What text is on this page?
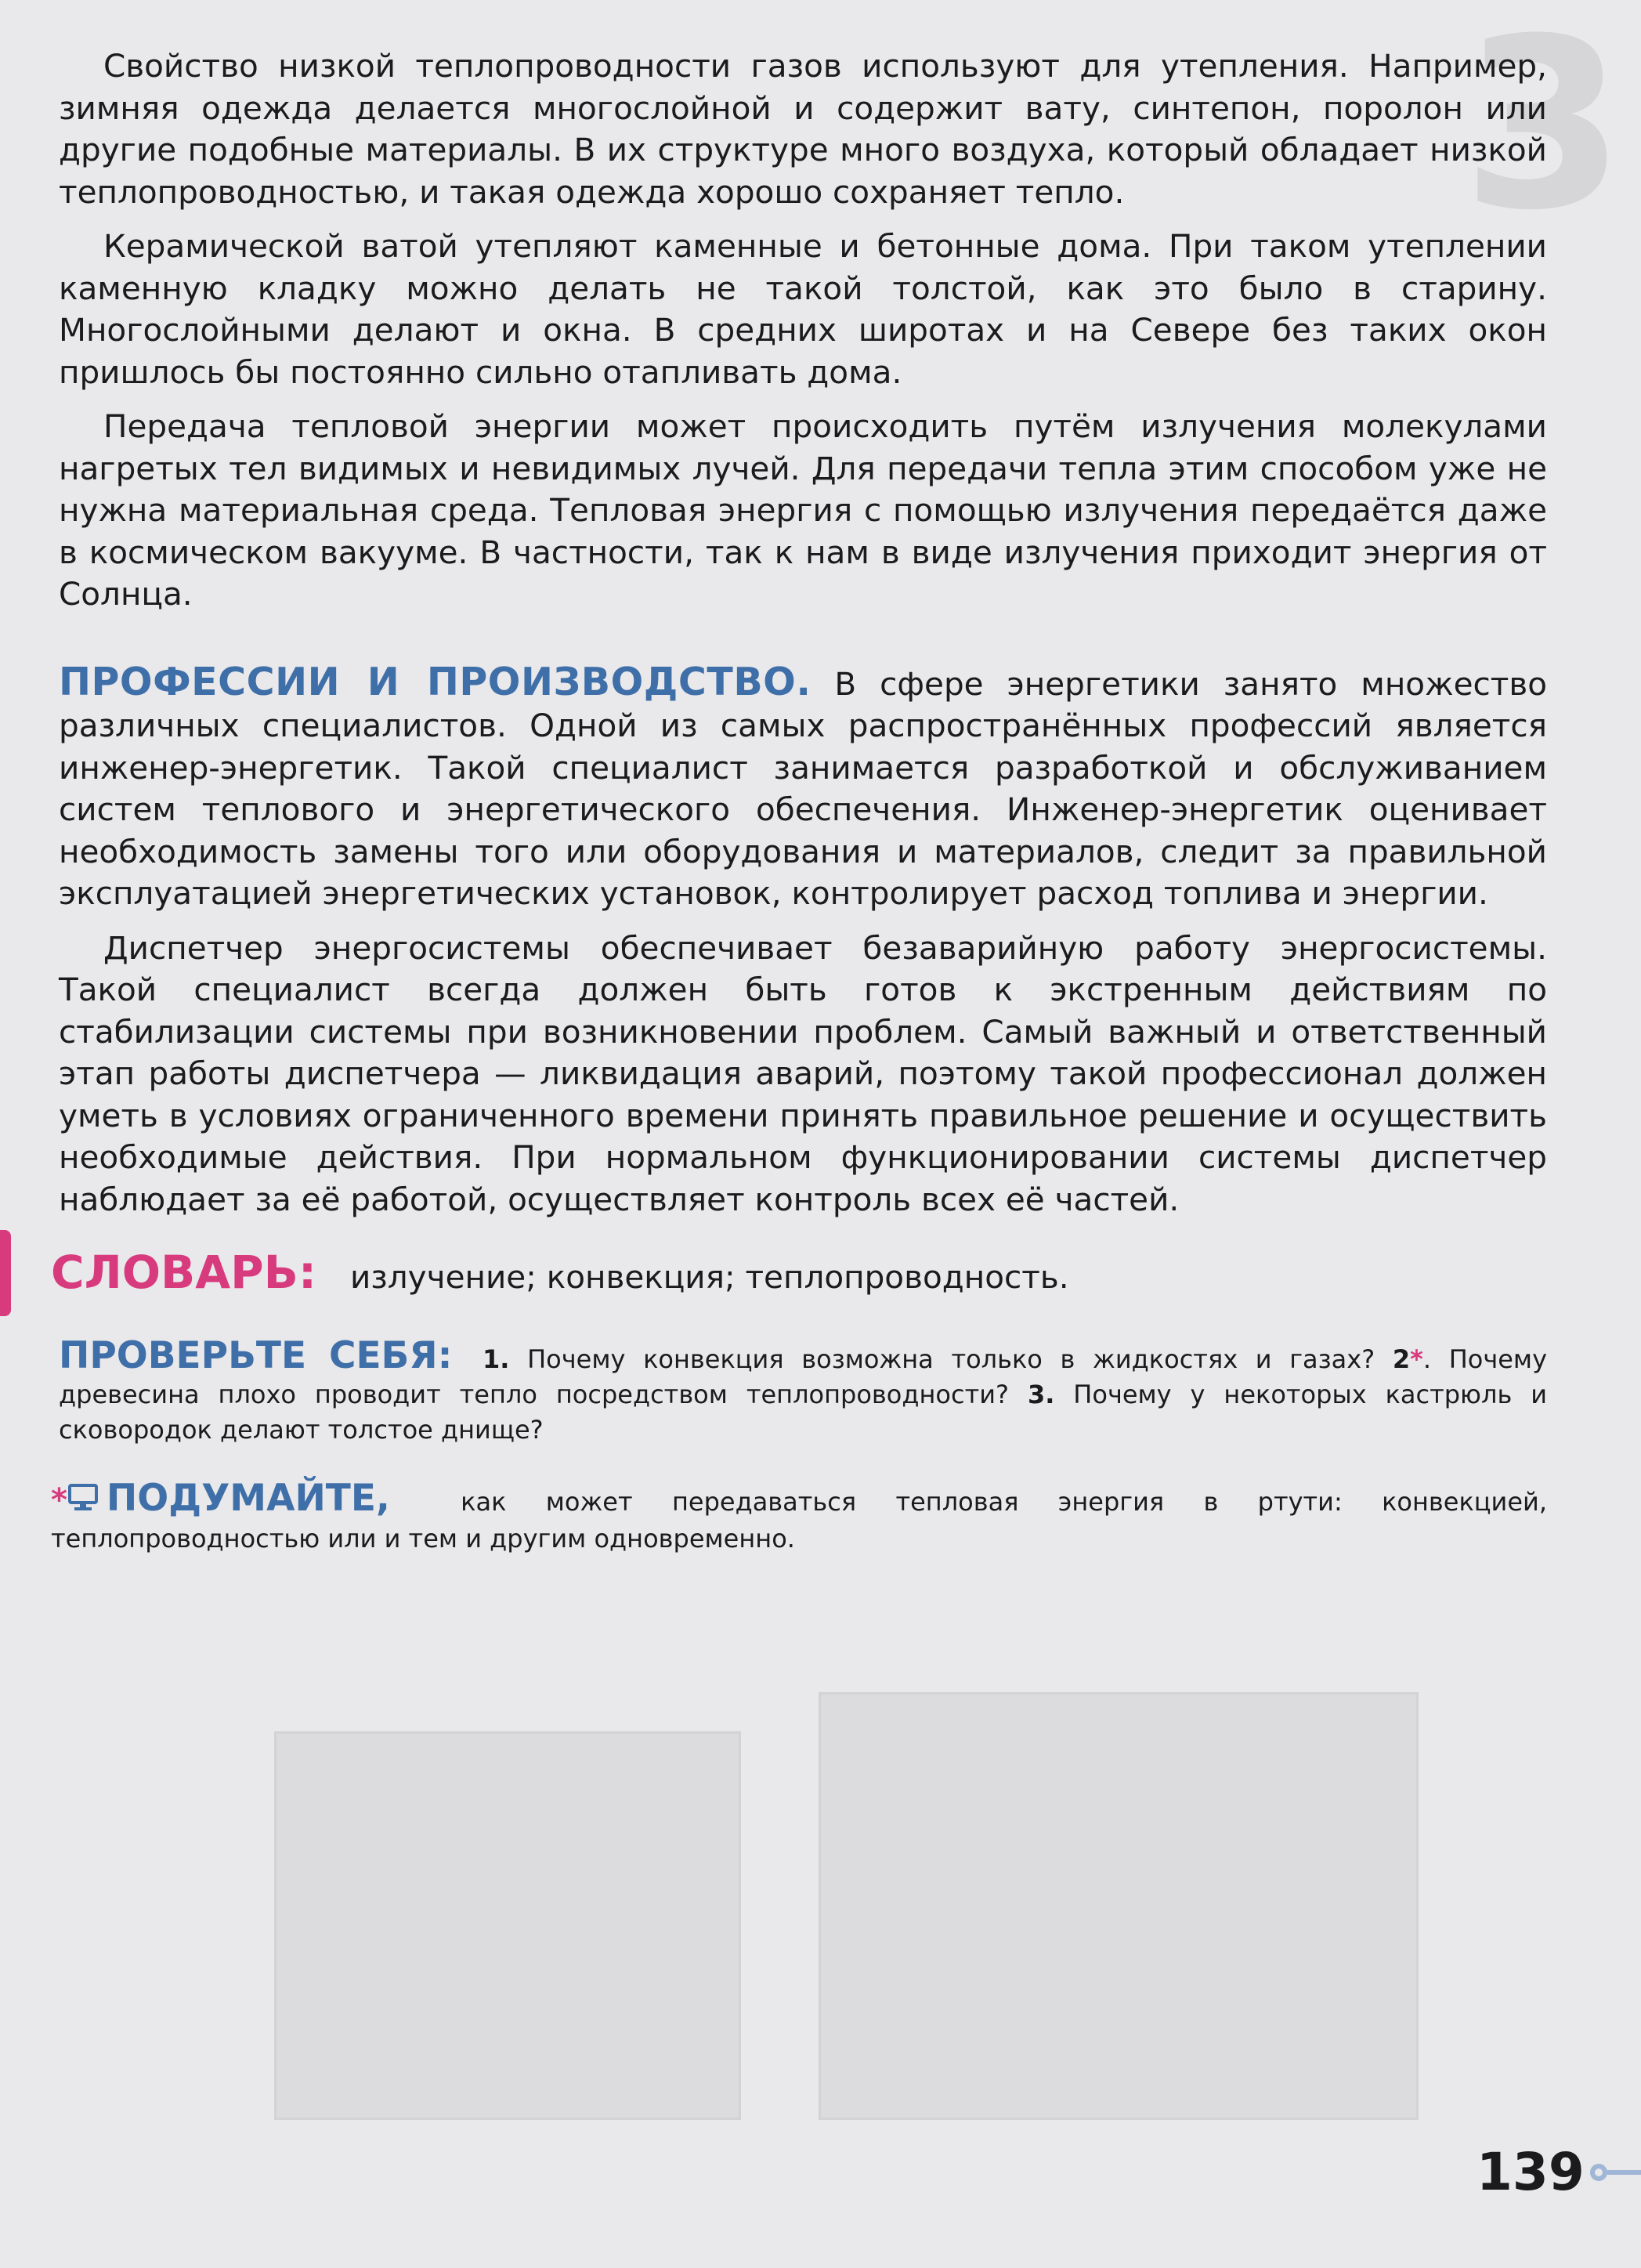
3

Свойство низкой теплопроводности газов используют для утепления. Например, зимняя одежда делается многослойной и содержит вату, синтепон, поролон или другие подобные материалы. В их структуре много воздуха, который обладает низкой теплопроводностью, и такая одежда хорошо сохраняет тепло.

Керамической ватой утепляют каменные и бетонные дома. При таком утеплении каменную кладку можно делать не такой толстой, как это было в старину. Многослойными делают и окна. В средних широтах и на Севере без таких окон пришлось бы постоянно сильно отапливать дома.

Передача тепловой энергии может происходить путём излучения молекулами нагретых тел видимых и невидимых лучей. Для передачи тепла этим способом уже не нужна материальная среда. Тепловая энергия с помощью излучения передаётся даже в космическом вакууме. В частности, так к нам в виде излучения приходит энергия от Солнца.

ПРОФЕССИИ И ПРОИЗВОДСТВО. В сфере энергетики занято множество различных специалистов. Одной из самых распространённых профессий является инженер-энергетик. Такой специалист занимается разработкой и обслуживанием систем теплового и энергетического обеспечения. Инженер-энергетик оценивает необходимость замены того или оборудования и материалов, следит за правильной эксплуатацией энергетических установок, контролирует расход топлива и энергии.

Диспетчер энергосистемы обеспечивает безаварийную работу энергосистемы. Такой специалист всегда должен быть готов к экстренным действиям по стабилизации системы при возникновении проблем. Самый важный и ответственный этап работы диспетчера — ликвидация аварий, поэтому такой профессионал должен уметь в условиях ограниченного времени принять правильное решение и осуществить необходимые действия. При нормальном функционировании системы диспетчер наблюдает за её работой, осуществляет контроль всех её частей.

СЛОВАРЬ: излучение; конвекция; теплопроводность.

ПРОВЕРЬТЕ СЕБЯ: 1. Почему конвекция возможна только в жидкостях и газах? 2*. Почему древесина плохо проводит тепло посредством теплопроводности? 3. Почему у некоторых кастрюль и сковородок делают толстое днище?

* ПОДУМАЙТЕ,	как может передаваться тепловая энергия в ртути: конвекцией, теплопроводностью или и тем и другим одновременно.

139
